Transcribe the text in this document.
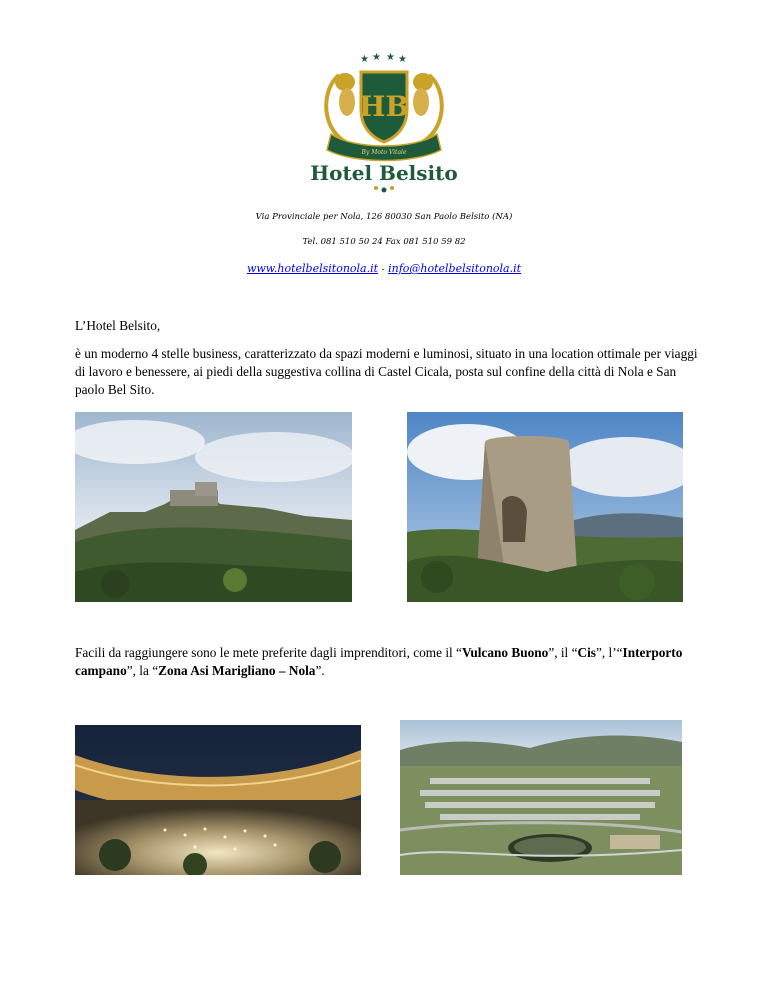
★ ★ ★ ★
HB
By Moto Vitale
Hotel Belsito
Via Provinciale per Nola, 126 80030 San Paolo Belsito (NA)
Tel. 081 510 50 24 Fax 081 510 59 82
www.hotelbelsitonola.it - info@hotelbelsitonola.it
L’Hotel Belsito,
è un moderno 4 stelle business, caratterizzato da spazi moderni e luminosi, situato in una location ottimale per viaggi di lavoro e benessere, ai piedi della suggestiva collina di Castel Cicala, posta sul confine della città di Nola e San paolo Bel Sito.
Facili da raggiungere sono le mete preferite dagli imprenditori, come il “Vulcano Buono”, il “Cis”, l’“Interporto campano”, la “Zona Asi Marigliano – Nola”.
